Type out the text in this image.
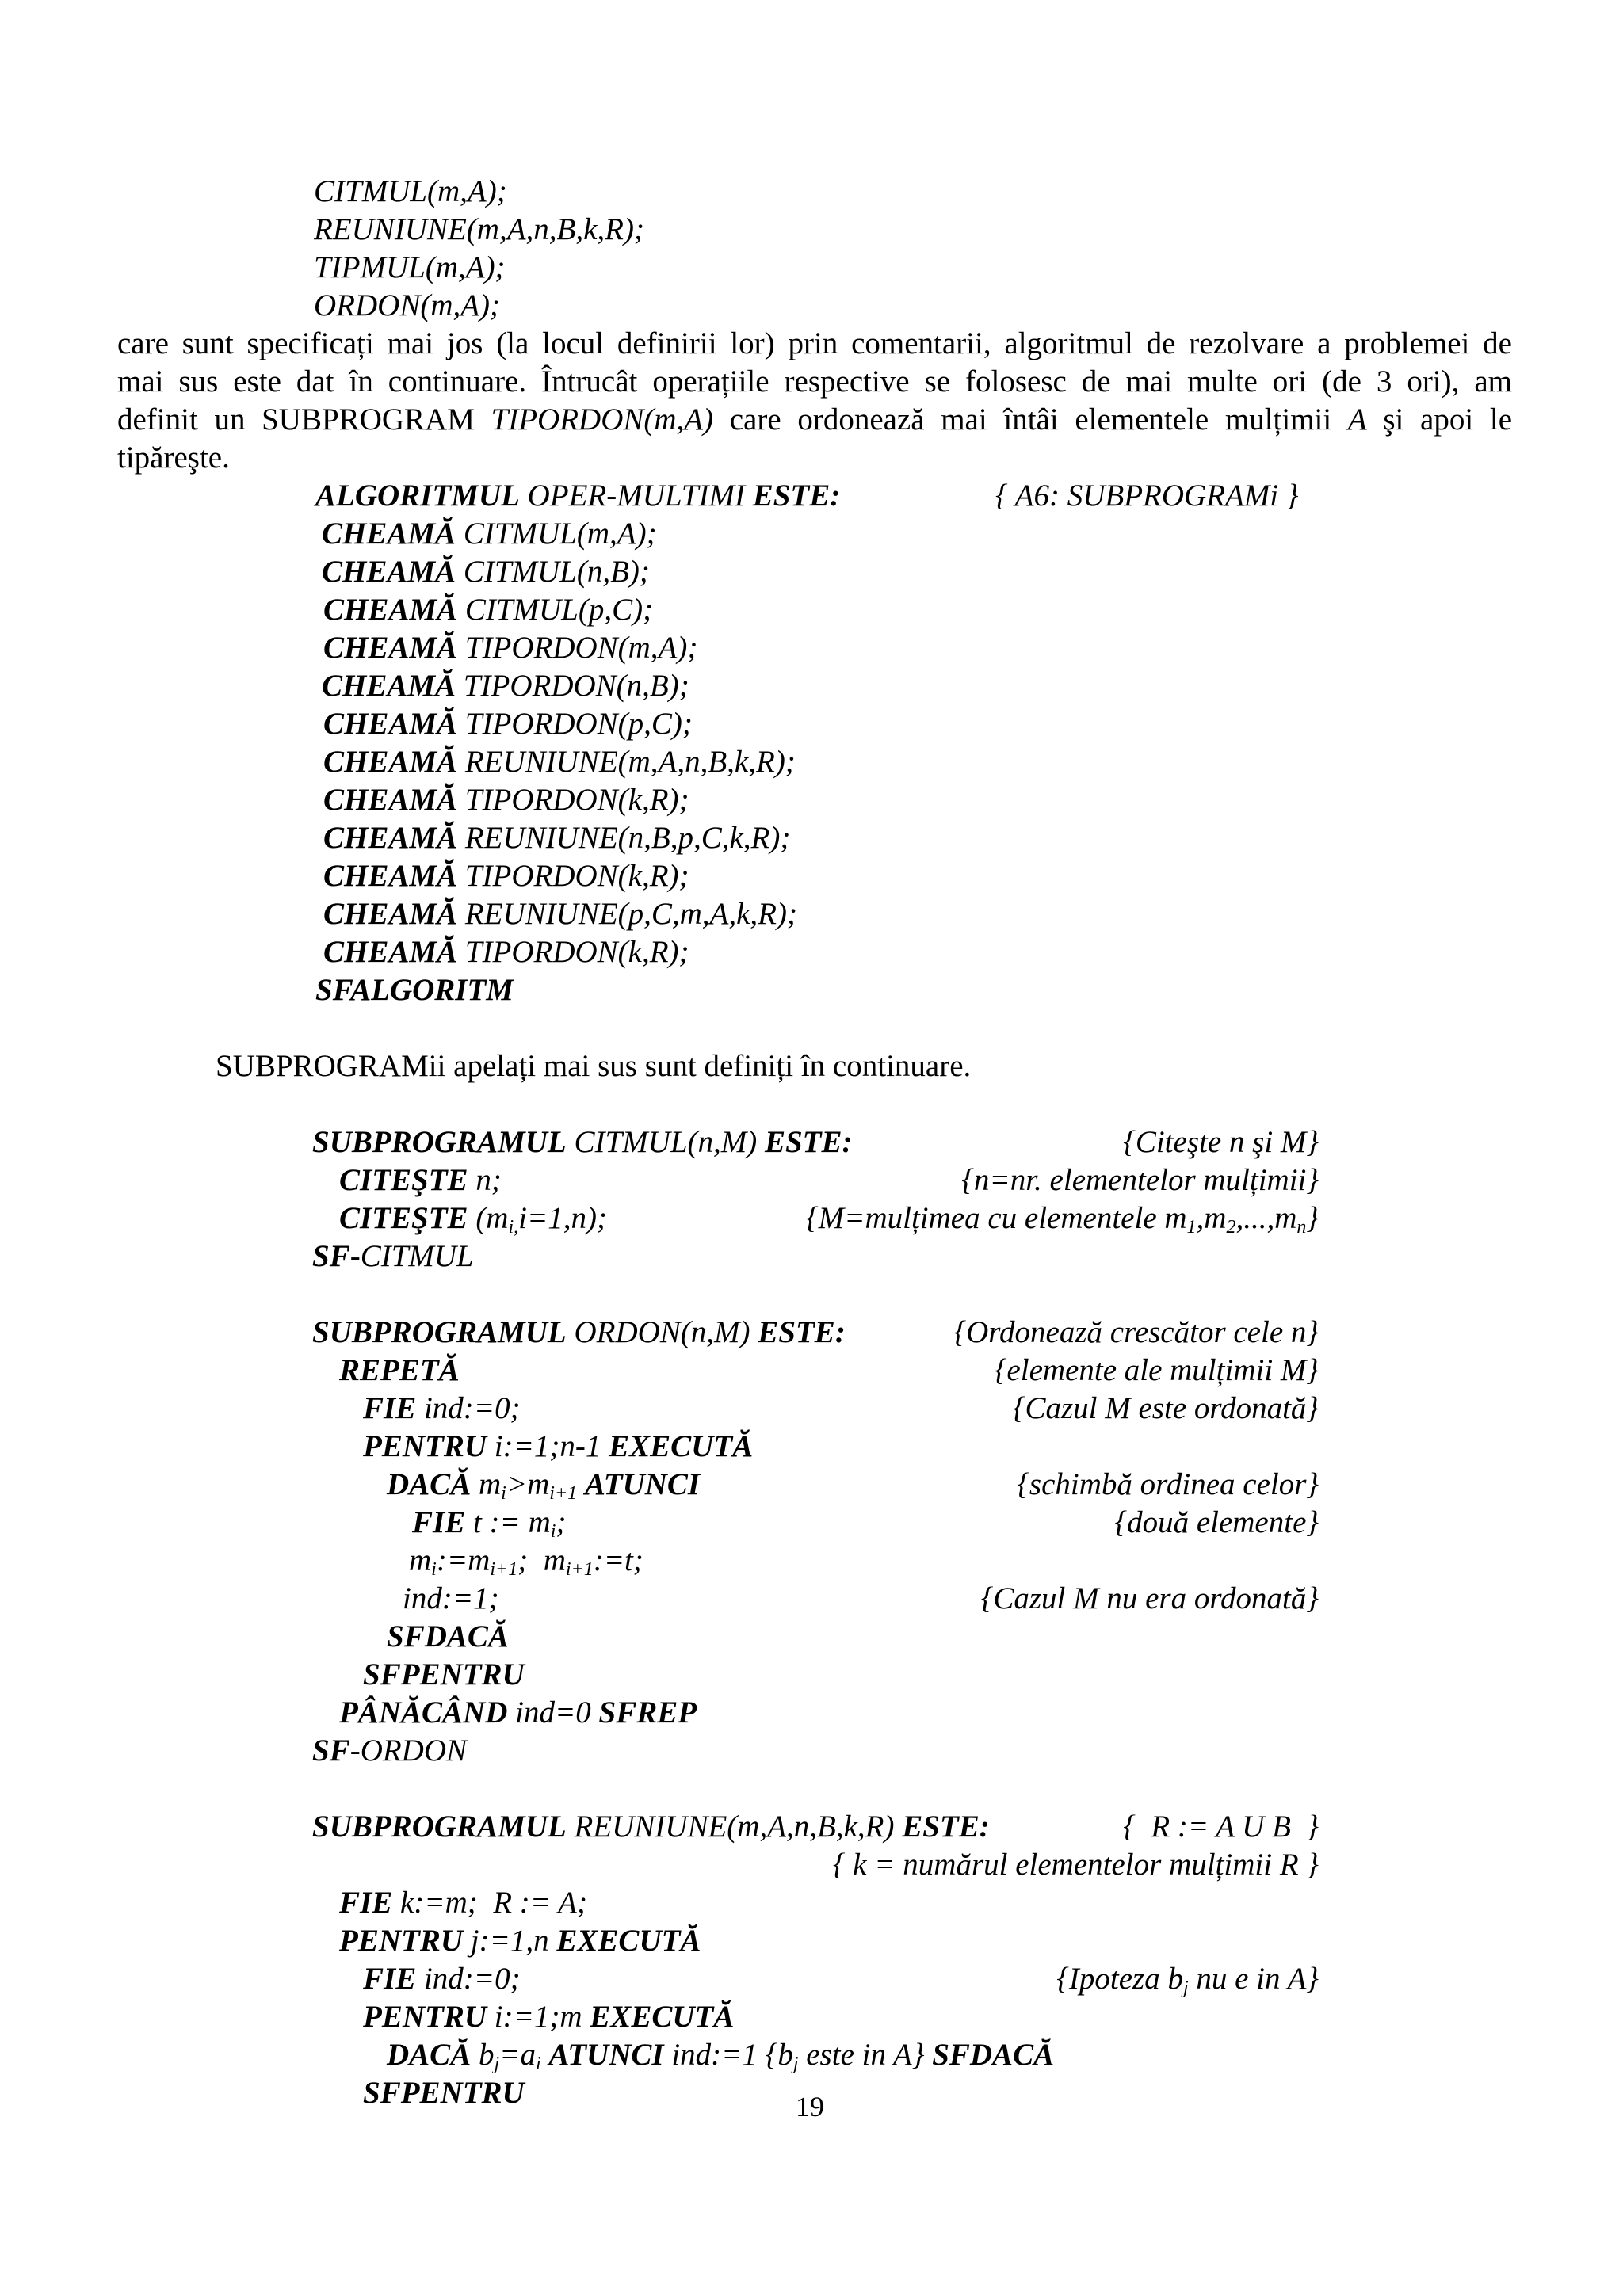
CITMUL(m,A);
REUNIUNE(m,A,n,B,k,R);
TIPMUL(m,A);
ORDON(m,A);
care sunt specificați mai jos (la locul definirii lor) prin comentarii, algoritmul de rezolvare a problemei de
mai sus este dat în continuare. Întrucât operațiile respective se folosesc de mai multe ori (de 3 ori), am
definit un SUBPROGRAM TIPORDON(m,A) care ordonează mai întâi elementele mulțimii A şi apoi le
tipăreşte.
ALGORITMUL OPER-MULTIMI ESTE:	{ A6: SUBPROGRAMi }
CHEAMĂ CITMUL(m,A);
CHEAMĂ CITMUL(n,B);
CHEAMĂ CITMUL(p,C);
CHEAMĂ TIPORDON(m,A);
CHEAMĂ TIPORDON(n,B);
CHEAMĂ TIPORDON(p,C);
CHEAMĂ REUNIUNE(m,A,n,B,k,R);
CHEAMĂ TIPORDON(k,R);
CHEAMĂ REUNIUNE(n,B,p,C,k,R);
CHEAMĂ TIPORDON(k,R);
CHEAMĂ REUNIUNE(p,C,m,A,k,R);
CHEAMĂ TIPORDON(k,R);
SFALGORITM
SUBPROGRAMii apelați mai sus sunt definiți în continuare.
SUBPROGRAMUL CITMUL(n,M) ESTE:	{Citeşte n şi M}
CITEŞTE n;	{n=nr. elementelor mulțimii}
CITEŞTE $(m_{i,}i=1,n)$;	{M=mulțimea cu elementele $m_1,m_2,...,m_n$}
SF-CITMUL
SUBPROGRAMUL ORDON(n,M) ESTE:	{Ordonează crescător cele n}
REPETĂ	{elemente ale mulțimii M}
FIE ind:=0;	{Cazul M este ordonată}
PENTRU i:=1;n-1 EXECUTĂ
DACĂ $m_i>m_{i+1}$ ATUNCI	{schimbă ordinea celor}
FIE t := $m_i$;	{două elemente}
$m_i:=m_{i+1}$;  $m_{i+1}:=t$;
ind:=1;	{Cazul M nu era ordonată}
SFDACĂ
SFPENTRU
PÂNĂCÂND ind=0 SFREP
SF-ORDON
SUBPROGRAMUL REUNIUNE(m,A,n,B,k,R) ESTE:	{  R := A U B  }
{ k = numărul elementelor mulțimii R }
FIE k:=m;  R := A;
PENTRU j:=1,n EXECUTĂ
FIE ind:=0;	{Ipoteza $b_j$ nu e in A}
PENTRU i:=1;m EXECUTĂ
DACĂ $b_j=a_i$ ATUNCI ind:=1 {$b_j$ este in A} SFDACĂ
SFPENTRU	19
